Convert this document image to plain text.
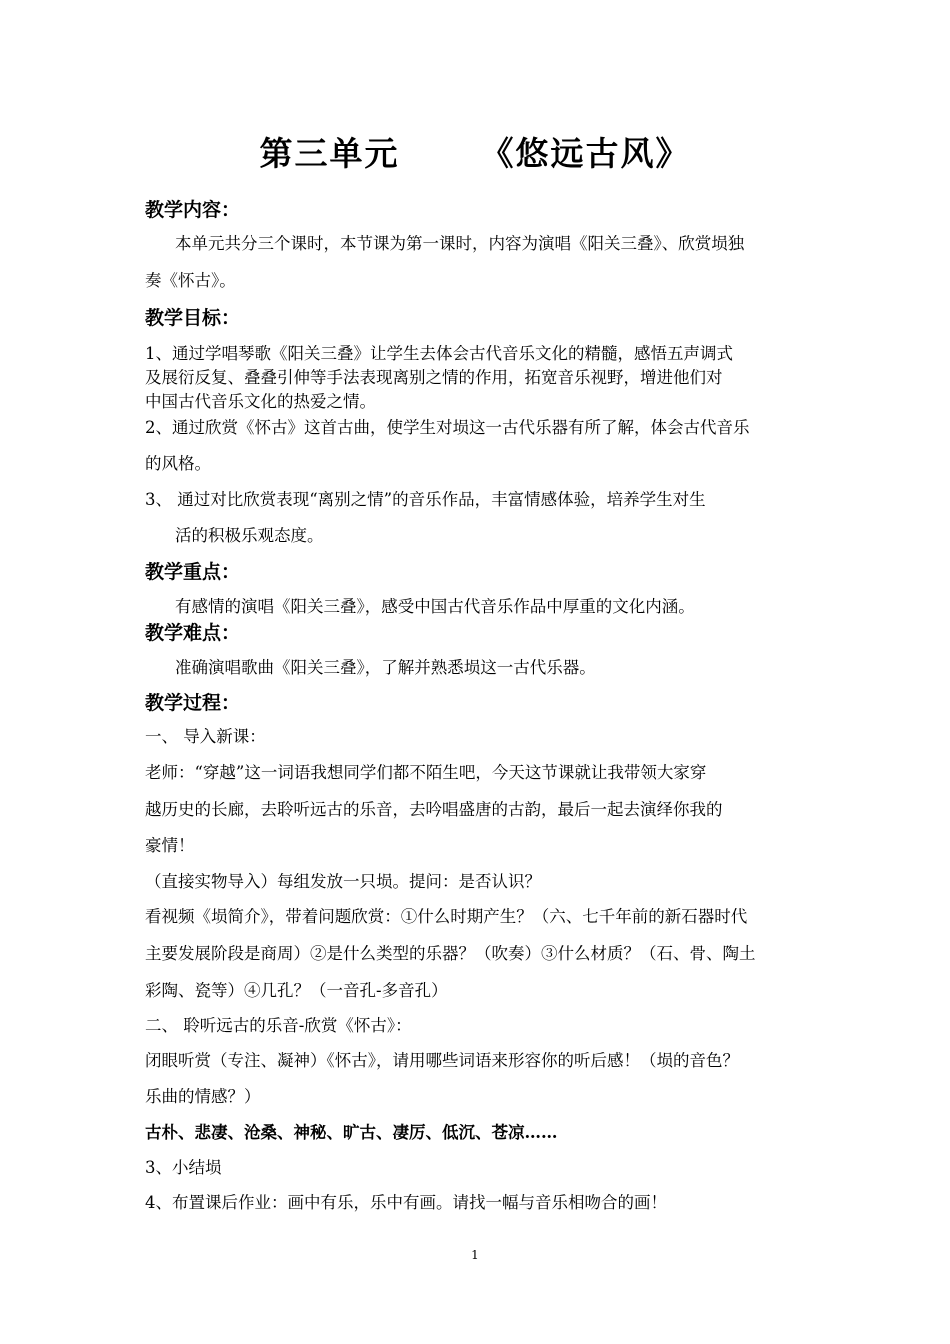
第三单元      《悠远古风》
教学内容：
本单元共分三个课时，本节课为第一课时，内容为演唱《阳关三叠》、欣赏埙独
奏《怀古》。
教学目标：
1、通过学唱琴歌《阳关三叠》让学生去体会古代音乐文化的精髓，感悟五声调式
及展衍反复、叠叠引伸等手法表现离别之情的作用，拓宽音乐视野，增进他们对
中国古代音乐文化的热爱之情。
2、通过欣赏《怀古》这首古曲，使学生对埙这一古代乐器有所了解，体会古代音乐
的风格。
3、 通过对比欣赏表现“离别之情”的音乐作品，丰富情感体验，培养学生对生
活的积极乐观态度。
教学重点：
有感情的演唱《阳关三叠》，感受中国古代音乐作品中厚重的文化内涵。
教学难点：
准确演唱歌曲《阳关三叠》，了解并熟悉埙这一古代乐器。
教学过程：
一、 导入新课：
老师：“穿越”这一词语我想同学们都不陌生吧，今天这节课就让我带领大家穿
越历史的长廊，去聆听远古的乐音，去吟唱盛唐的古韵，最后一起去演绎你我的
豪情！
（直接实物导入）每组发放一只埙。提问：是否认识？
看视频《埙简介》，带着问题欣赏：①什么时期产生？（六、七千年前的新石器时代
主要发展阶段是商周）②是什么类型的乐器？（吹奏）③什么材质？（石、骨、陶土
彩陶、瓷等）④几孔？（一音孔-多音孔）
二、 聆听远古的乐音-欣赏《怀古》：
闭眼听赏（专注、凝神）《怀古》，请用哪些词语来形容你的听后感！（埙的音色？
乐曲的情感？）
古朴、悲凄、沧桑、神秘、旷古、凄厉、低沉、苍凉……
3、小结埙
4、布置课后作业：画中有乐，乐中有画。请找一幅与音乐相吻合的画！
1
